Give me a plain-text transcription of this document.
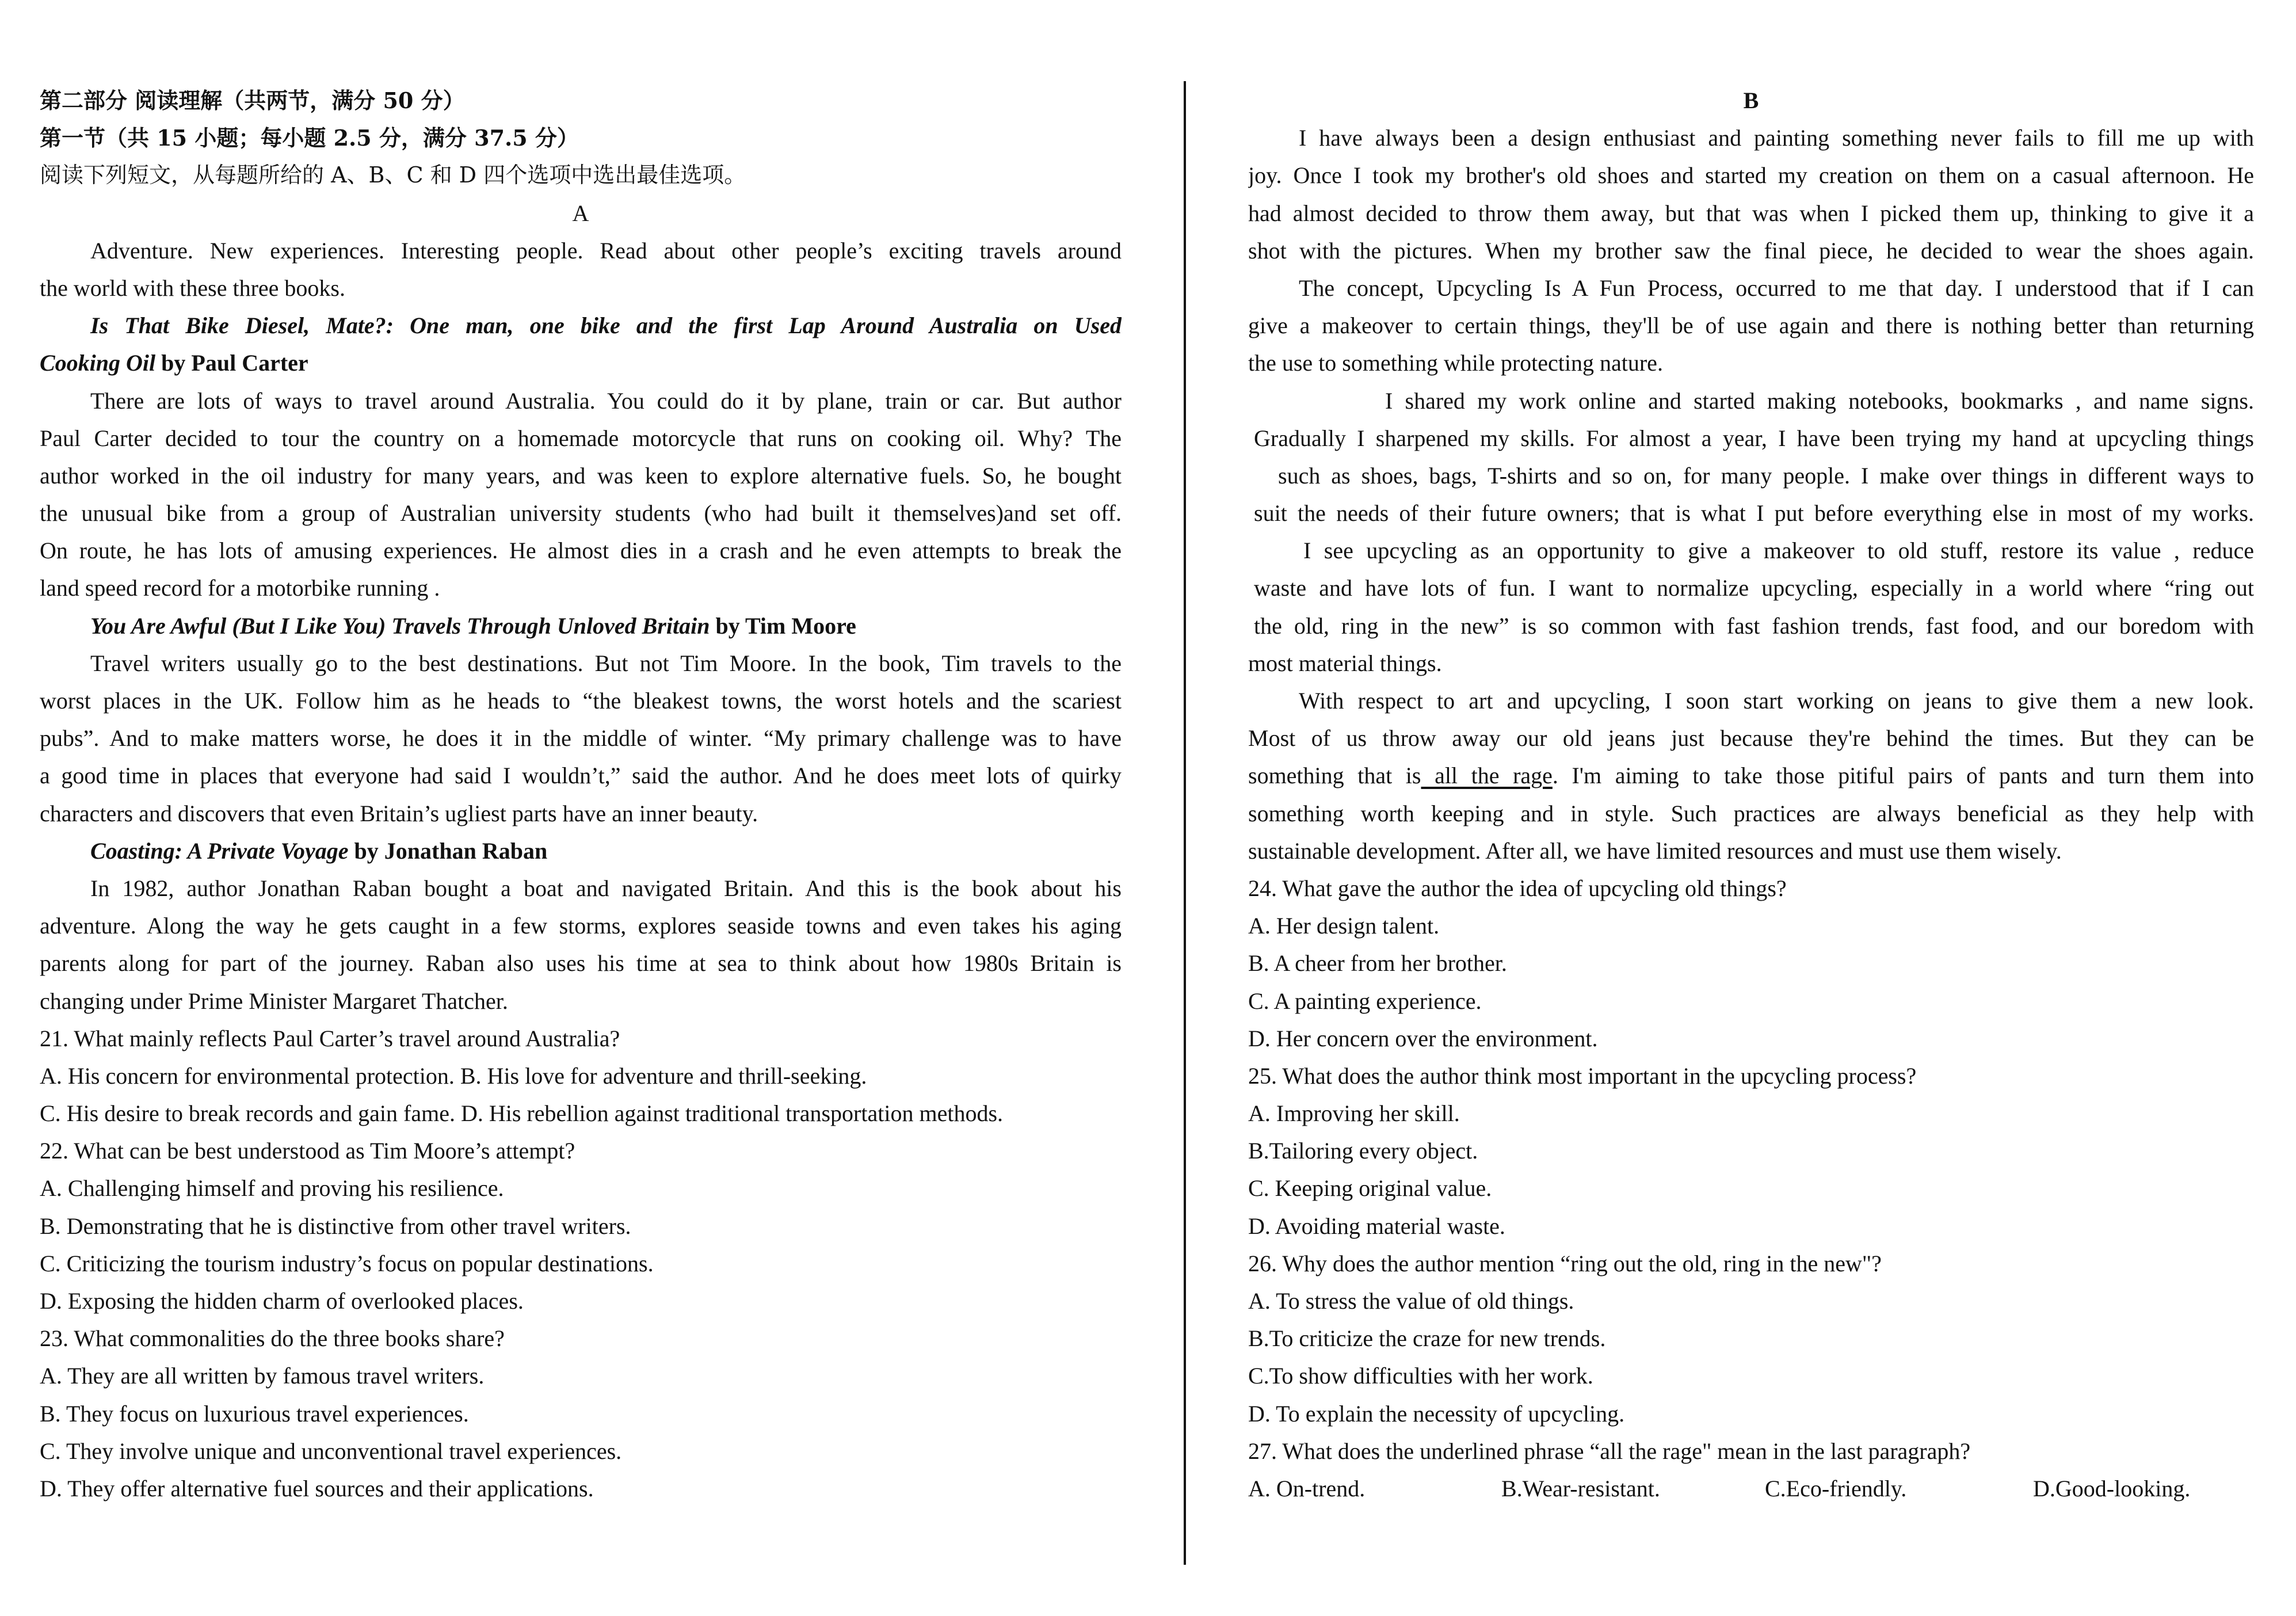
第二部分 阅读理解（共两节，满分 50 分）
第一节（共 15 小题；每小题 2.5 分，满分 37.5 分）
阅读下列短文，从每题所给的 A、B、C 和 D 四个选项中选出最佳选项。
A
Adventure. New experiences. Interesting people. Read about other people’s exciting travels around
the world with these three books.
Is That Bike Diesel, Mate?: One man, one bike and the first Lap Around Australia on Used
Cooking Oil by Paul Carter
There are lots of ways to travel around Australia. You could do it by plane, train or car. But author
Paul Carter decided to tour the country on a homemade motorcycle that runs on cooking oil. Why? The
author worked in the oil industry for many years, and was keen to explore alternative fuels. So, he bought
the unusual bike from a group of Australian university students (who had built it themselves)and set off.
On route, he has lots of amusing experiences. He almost dies in a crash and he even attempts to break the
land speed record for a motorbike running .
You Are Awful (But I Like You) Travels Through Unloved Britain by Tim Moore
Travel writers usually go to the best destinations. But not Tim Moore. In the book, Tim travels to the
worst places in the UK. Follow him as he heads to “the bleakest towns, the worst hotels and the scariest
pubs”. And to make matters worse, he does it in the middle of winter. “My primary challenge was to have
a good time in places that everyone had said I wouldn’t,” said the author. And he does meet lots of quirky
characters and discovers that even Britain’s ugliest parts have an inner beauty.
Coasting: A Private Voyage by Jonathan Raban
In 1982, author Jonathan Raban bought a boat and navigated Britain. And this is the book about his
adventure. Along the way he gets caught in a few storms, explores seaside towns and even takes his aging
parents along for part of the journey. Raban also uses his time at sea to think about how 1980s Britain is
changing under Prime Minister Margaret Thatcher.
21. What mainly reflects Paul Carter’s travel around Australia?
A. His concern for environmental protection. B. His love for adventure and thrill-seeking.
C. His desire to break records and gain fame. D. His rebellion against traditional transportation methods.
22. What can be best understood as Tim Moore’s attempt?
A. Challenging himself and proving his resilience.
B. Demonstrating that he is distinctive from other travel writers.
C. Criticizing the tourism industry’s focus on popular destinations.
D. Exposing the hidden charm of overlooked places.
23. What commonalities do the three books share?
A. They are all written by famous travel writers.
B. They focus on luxurious travel experiences.
C. They involve unique and unconventional travel experiences.
D. They offer alternative fuel sources and their applications.
B
I have always been a design enthusiast and painting something never fails to fill me up with
joy. Once I took my brother's old shoes and started my creation on them on a casual afternoon. He
had almost decided to throw them away, but that was when I picked them up, thinking to give it a
shot with the pictures. When my brother saw the final piece, he decided to wear the shoes again.
The concept, Upcycling Is A Fun Process, occurred to me that day. I understood that if I can
give a makeover to certain things, they'll be of use again and there is nothing better than returning
the use to something while protecting nature.
I shared my work online and started making notebooks, bookmarks , and name signs.
Gradually I sharpened my skills. For almost a year, I have been trying my hand at upcycling things
such as shoes, bags, T-shirts and so on, for many people. I make over things in different ways to
suit the needs of their future owners; that is what I put before everything else in most of my works.
I see upcycling as an opportunity to give a makeover to old stuff, restore its value , reduce
waste and have lots of fun. I want to normalize upcycling, especially in a world where “ring out
the old, ring in the new” is so common with fast fashion trends, fast food, and our boredom with
most material things.
With respect to art and upcycling, I soon start working on jeans to give them a new look.
Most of us throw away our old jeans just because they're behind the times. But they can be
something that is all the rage. I'm aiming to take those pitiful pairs of pants and turn them into
something worth keeping and in style. Such practices are always beneficial as they help with
sustainable development. After all, we have limited resources and must use them wisely.
24. What gave the author the idea of upcycling old things?
A. Her design talent.
B. A cheer from her brother.
C. A painting experience.
D. Her concern over the environment.
25. What does the author think most important in the upcycling process?
A. Improving her skill.
B.Tailoring every object.
C. Keeping original value.
D. Avoiding material waste.
26. Why does the author mention “ring out the old, ring in the new"?
A. To stress the value of old things.
B.To criticize the craze for new trends.
C.To show difficulties with her work.
D. To explain the necessity of upcycling.
27. What does the underlined phrase “all the rage" mean in the last paragraph?
A. On-trend.	B.Wear-resistant.	C.Eco-friendly.	D.Good-looking.
